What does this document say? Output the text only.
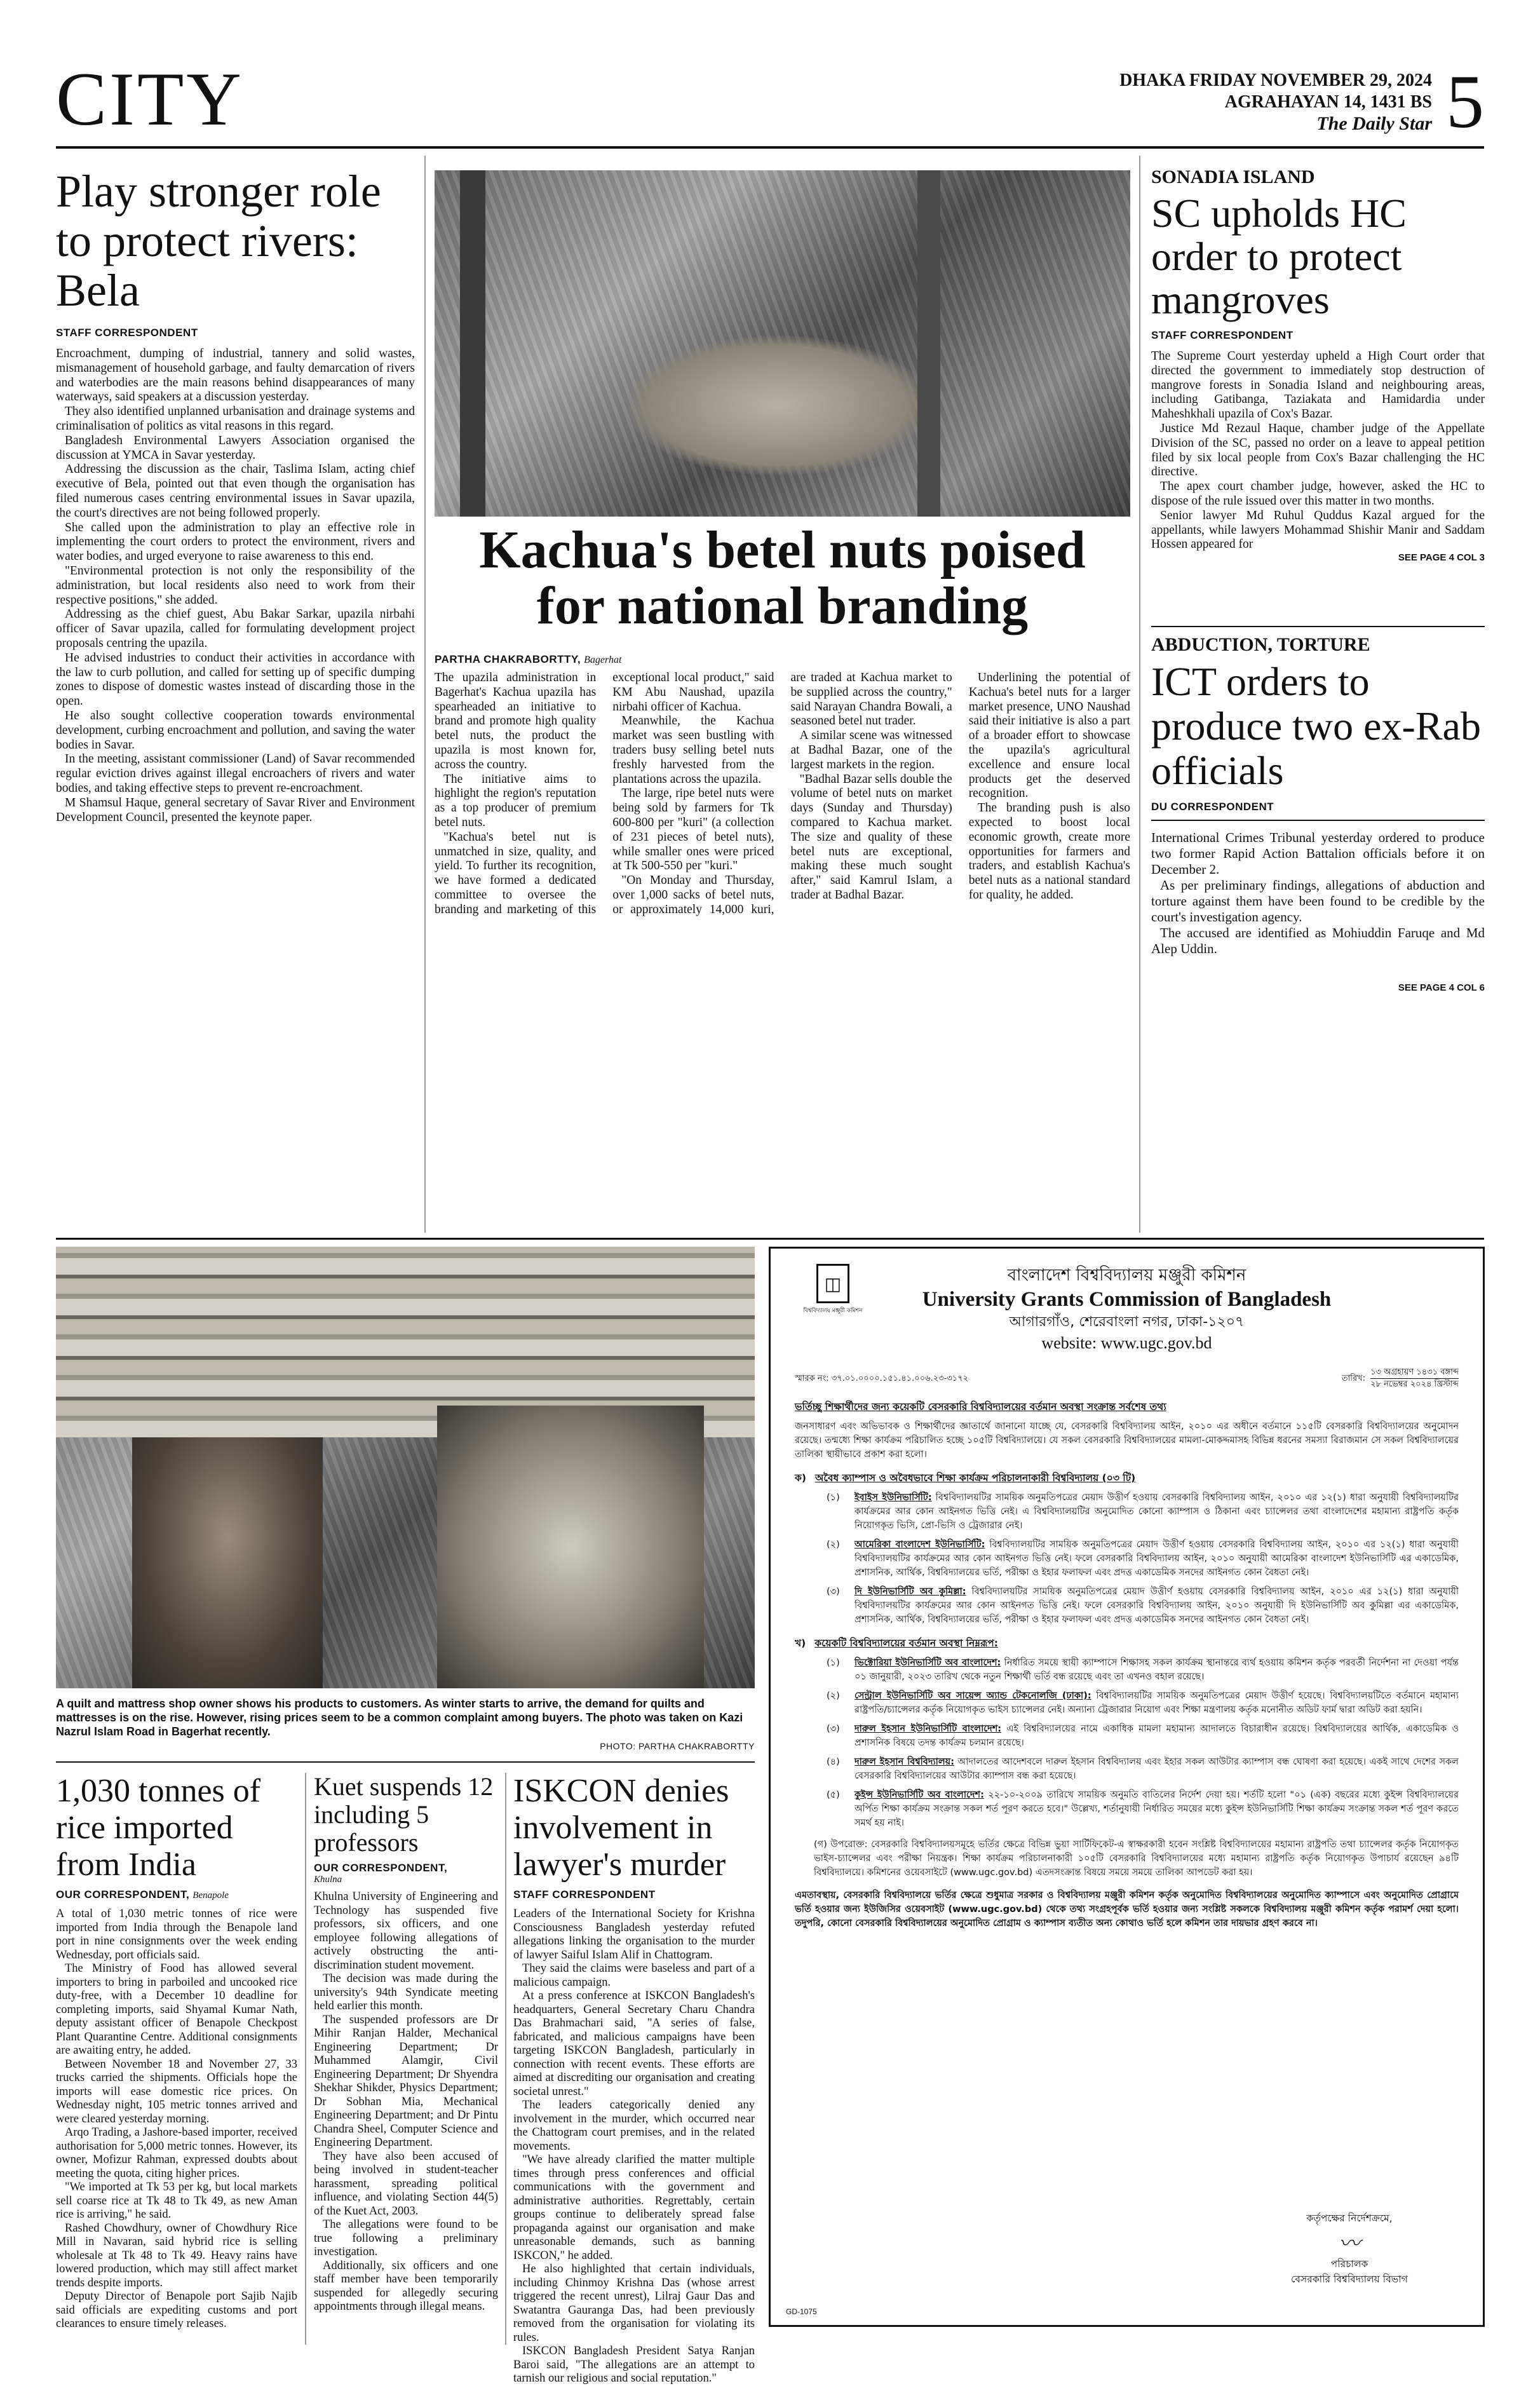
CITY	DHAKA FRIDAY NOVEMBER 29, 2024
AGRAHAYAN 14, 1431 BS
The Daily Star 5
Play stronger role to protect rivers: Bela
STAFF CORRESPONDENT

Encroachment, dumping of industrial, tannery and solid wastes, mismanagement of household garbage, and faulty demarcation of rivers and waterbodies are the main reasons behind disappearances of many waterways, said speakers at a discussion yesterday.

They also identified unplanned urbanisation and drainage systems and criminalisation of politics as vital reasons in this regard.

Bangladesh Environmental Lawyers Association organised the discussion at YMCA in Savar yesterday.

Addressing the discussion as the chair, Taslima Islam, acting chief executive of Bela, pointed out that even though the organisation has filed numerous cases centring environmental issues in Savar upazila, the court's directives are not being followed properly.

She called upon the administration to play an effective role in implementing the court orders to protect the environment, rivers and water bodies, and urged everyone to raise awareness to this end.

"Environmental protection is not only the responsibility of the administration, but local residents also need to work from their respective positions," she added.

Addressing as the chief guest, Abu Bakar Sarkar, upazila nirbahi officer of Savar upazila, called for formulating development project proposals centring the upazila.

He advised industries to conduct their activities in accordance with the law to curb pollution, and called for setting up of specific dumping zones to dispose of domestic wastes instead of discarding those in the open.

He also sought collective cooperation towards environmental development, curbing encroachment and pollution, and saving the water bodies in Savar.

In the meeting, assistant commissioner (Land) of Savar recommended regular eviction drives against illegal encroachers of rivers and water bodies, and taking effective steps to prevent re-encroachment.

M Shamsul Haque, general secretary of Savar River and Environment Development Council, presented the keynote paper.

Kachua's betel nuts poised for national branding
PARTHA CHAKRABORTTY, Bagerhat

The upazila administration in Bagerhat's Kachua upazila has spearheaded an initiative to brand and promote high quality betel nuts, the product the upazila is most known for, across the country.

The initiative aims to highlight the region's reputation as a top producer of premium betel nuts.

"Kachua's betel nut is unmatched in size, quality, and yield. To further its recognition, we have formed a dedicated committee to oversee the branding and marketing of this exceptional local product," said KM Abu Naushad, upazila nirbahi officer of Kachua.

Meanwhile, the Kachua market was seen bustling with traders busy selling betel nuts freshly harvested from the plantations across the upazila.

The large, ripe betel nuts were being sold by farmers for Tk 600-800 per "kuri" (a collection of 231 pieces of betel nuts), while smaller ones were priced at Tk 500-550 per "kuri."

"On Monday and Thursday, over 1,000 sacks of betel nuts, or approximately 14,000 kuri, are traded at Kachua market to be supplied across the country," said Narayan Chandra Bowali, a seasoned betel nut trader.

A similar scene was witnessed at Badhal Bazar, one of the largest markets in the region.

"Badhal Bazar sells double the volume of betel nuts on market days (Sunday and Thursday) compared to Kachua market. The size and quality of these betel nuts are exceptional, making these much sought after," said Kamrul Islam, a trader at Badhal Bazar.

Underlining the potential of Kachua's betel nuts for a larger market presence, UNO Naushad said their initiative is also a part of a broader effort to showcase the upazila's agricultural excellence and ensure local products get the deserved recognition.

The branding push is also expected to boost local economic growth, create more opportunities for farmers and traders, and establish Kachua's betel nuts as a national standard for quality, he added.

SONADIA ISLAND
SC upholds HC order to protect mangroves
STAFF CORRESPONDENT

The Supreme Court yesterday upheld a High Court order that directed the government to immediately stop destruction of mangrove forests in Sonadia Island and neighbouring areas, including Gatibanga, Taziakata and Hamidardia under Maheshkhali upazila of Cox's Bazar.

Justice Md Rezaul Haque, chamber judge of the Appellate Division of the SC, passed no order on a leave to appeal petition filed by six local people from Cox's Bazar challenging the HC directive.

The apex court chamber judge, however, asked the HC to dispose of the rule issued over this matter in two months.

Senior lawyer Md Ruhul Quddus Kazal argued for the appellants, while lawyers Mohammad Shishir Manir and Saddam Hossen appeared for

SEE PAGE 4 COL 3
ABDUCTION, TORTURE
ICT orders to produce two ex-Rab officials
DU CORRESPONDENT

International Crimes Tribunal yesterday ordered to produce two former Rapid Action Battalion officials before it on December 2.

As per preliminary findings, allegations of abduction and torture against them have been found to be credible by the court's investigation agency.

The accused are identified as Mohiuddin Faruqe and Md Alep Uddin.

SEE PAGE 4 COL 6
A quilt and mattress shop owner shows his products to customers. As winter starts to arrive, the demand for quilts and mattresses is on the rise. However, rising prices seem to be a common complaint among buyers. The photo was taken on Kazi Nazrul Islam Road in Bagerhat recently.
PHOTO: PARTHA CHAKRABORTTY
1,030 tonnes of rice imported from India
OUR CORRESPONDENT, Benapole

A total of 1,030 metric tonnes of rice were imported from India through the Benapole land port in nine consignments over the week ending Wednesday, port officials said.

The Ministry of Food has allowed several importers to bring in parboiled and uncooked rice duty-free, with a December 10 deadline for completing imports, said Shyamal Kumar Nath, deputy assistant officer of Benapole Checkpost Plant Quarantine Centre. Additional consignments are awaiting entry, he added.

Between November 18 and November 27, 33 trucks carried the shipments. Officials hope the imports will ease domestic rice prices. On Wednesday night, 105 metric tonnes arrived and were cleared yesterday morning.

Arqo Trading, a Jashore-based importer, received authorisation for 5,000 metric tonnes. However, its owner, Mofizur Rahman, expressed doubts about meeting the quota, citing higher prices.

"We imported at Tk 53 per kg, but local markets sell coarse rice at Tk 48 to Tk 49, as new Aman rice is arriving," he said.

Rashed Chowdhury, owner of Chowdhury Rice Mill in Navaran, said hybrid rice is selling wholesale at Tk 48 to Tk 49. Heavy rains have lowered production, which may still affect market trends despite imports.

Deputy Director of Benapole port Sajib Najib said officials are expediting customs and port clearances to ensure timely releases.

Kuet suspends 12 including 5 professors
OUR CORRESPONDENT,
Khulna

Khulna University of Engineering and Technology has suspended five professors, six officers, and one employee following allegations of actively obstructing the anti-discrimination student movement.

The decision was made during the university's 94th Syndicate meeting held earlier this month.

The suspended professors are Dr Mihir Ranjan Halder, Mechanical Engineering Department; Dr Muhammed Alamgir, Civil Engineering Department; Dr Shyendra Shekhar Shikder, Physics Department; Dr Sobhan Mia, Mechanical Engineering Department; and Dr Pintu Chandra Sheel, Computer Science and Engineering Department.

They have also been accused of being involved in student-teacher harassment, spreading political influence, and violating Section 44(5) of the Kuet Act, 2003.

The allegations were found to be true following a preliminary investigation.

Additionally, six officers and one staff member have been temporarily suspended for allegedly securing appointments through illegal means.

ISKCON denies involvement in lawyer's murder
STAFF CORRESPONDENT

Leaders of the International Society for Krishna Consciousness Bangladesh yesterday refuted allegations linking the organisation to the murder of lawyer Saiful Islam Alif in Chattogram.

They said the claims were baseless and part of a malicious campaign.

At a press conference at ISKCON Bangladesh's headquarters, General Secretary Charu Chandra Das Brahmachari said, "A series of false, fabricated, and malicious campaigns have been targeting ISKCON Bangladesh, particularly in connection with recent events. These efforts are aimed at discrediting our organisation and creating societal unrest."

The leaders categorically denied any involvement in the murder, which occurred near the Chattogram court premises, and in the related movements.

"We have already clarified the matter multiple times through press conferences and official communications with the government and administrative authorities. Regrettably, certain groups continue to deliberately spread false propaganda against our organisation and make unreasonable demands, such as banning ISKCON," he added.

He also highlighted that certain individuals, including Chinmoy Krishna Das (whose arrest triggered the recent unrest), Lilraj Gaur Das and Swatantra Gauranga Das, had been previously removed from the organisation for violating its rules.

ISKCON Bangladesh President Satya Ranjan Baroi said, "The allegations are an attempt to tarnish our religious and social reputation."

◫
বিশ্ববিদ্যালয় মঞ্জুরী কমিশন
বাংলাদেশ বিশ্ববিদ্যালয় মঞ্জুরী কমিশন
University Grants Commission of Bangladesh
আগারগাঁও, শেরেবাংলা নগর, ঢাকা-১২০৭
website: www.ugc.gov.bd
স্মারক নং: ৩৭.০১.০০০০.১৫১.৪১.০০৬.২৩-৩১৭২	তারিখ:
১৩ অগ্রহায়ণ ১৪৩১ বঙ্গাব্দ
২৮ নভেম্বর ২০২৪ খ্রিস্টাব্দ
ভর্তিচ্ছু শিক্ষার্থীদের জন্য কয়েকটি বেসরকারি বিশ্ববিদ্যালয়ের বর্তমান অবস্থা সংক্রান্ত সর্বশেষ তথ্য
জনসাধারণ এবং অভিভাবক ও শিক্ষার্থীদের জ্ঞাতার্থে জানানো যাচ্ছে যে, বেসরকারি বিশ্ববিদ্যালয় আইন, ২০১০ এর অধীনে বর্তমানে ১১৫টি বেসরকারি বিশ্ববিদ্যালয়ের অনুমোদন রয়েছে। তন্মধ্যে শিক্ষা কার্যক্রম পরিচালিত হচ্ছে ১০৫টি বিশ্ববিদ্যালয়ে। যে সকল বেসরকারি বিশ্ববিদ্যালয়ের মামলা-মোকদ্দমাসহ বিভিন্ন ধরনের সমস্যা বিরাজমান সে সকল বিশ্ববিদ্যালয়ের তালিকা স্থায়ীভাবে প্রকাশ করা হলো।
ক) অবৈধ ক্যাম্পাস ও অবৈধভাবে শিক্ষা কার্যক্রম পরিচালনাকারী বিশ্ববিদ্যালয় (০৩ টি)
(১)	ইবাইস ইউনিভার্সিটি: বিশ্ববিদ্যালয়টির সাময়িক অনুমতিপত্রের মেয়াদ উত্তীর্ণ হওয়ায় বেসরকারি বিশ্ববিদ্যালয় আইন, ২০১০ এর ১২(১) ধারা অনুযায়ী বিশ্ববিদ্যালয়টির কার্যক্রমের আর কোন আইনগত ভিত্তি নেই। এ বিশ্ববিদ্যালয়টির অনুমোদিত কোনো ক্যাম্পাস ও ঠিকানা এবং চ্যান্সেলর তথা বাংলাদেশের মহামান্য রাষ্ট্রপতি কর্তৃক নিয়োগকৃত ভিসি, প্রো-ভিসি ও ট্রেজারার নেই।
(২)	আমেরিকা বাংলাদেশ ইউনিভার্সিটি: বিশ্ববিদ্যালয়টির সাময়িক অনুমতিপত্রের মেয়াদ উত্তীর্ণ হওয়ায় বেসরকারি বিশ্ববিদ্যালয় আইন, ২০১০ এর ১২(১) ধারা অনুযায়ী বিশ্ববিদ্যালয়টির কার্যক্রমের আর কোন আইনগত ভিত্তি নেই। ফলে বেসরকারি বিশ্ববিদ্যালয় আইন, ২০১০ অনুযায়ী আমেরিকা বাংলাদেশ ইউনিভার্সিটি এর একাডেমিক, প্রশাসনিক, আর্থিক, বিশ্ববিদ্যালয়ের ভর্তি, পরীক্ষা ও ইহার ফলাফল এবং প্রদত্ত একাডেমিক সনদের আইনগত কোন বৈধতা নেই।
(৩)	দি ইউনিভার্সিটি অব কুমিল্লা: বিশ্ববিদ্যালয়টির সাময়িক অনুমতিপত্রের মেয়াদ উত্তীর্ণ হওয়ায় বেসরকারি বিশ্ববিদ্যালয় আইন, ২০১০ এর ১২(১) ধারা অনুযায়ী বিশ্ববিদ্যালয়টির কার্যক্রমের আর কোন আইনগত ভিত্তি নেই। ফলে বেসরকারি বিশ্ববিদ্যালয় আইন, ২০১০ অনুযায়ী দি ইউনিভার্সিটি অব কুমিল্লা এর একাডেমিক, প্রশাসনিক, আর্থিক, বিশ্ববিদ্যালয়ের ভর্তি, পরীক্ষা ও ইহার ফলাফল এবং প্রদত্ত একাডেমিক সনদের আইনগত কোন বৈধতা নেই।
খ) কয়েকটি বিশ্ববিদ্যালয়ের বর্তমান অবস্থা নিম্নরূপ:
(১)	ভিক্টোরিয়া ইউনিভার্সিটি অব বাংলাদেশ: নির্ধারিত সময়ে স্থায়ী ক্যাম্পাসে শিক্ষাসহ সকল কার্যক্রম স্থানান্তরে ব্যর্থ হওয়ায় কমিশন কর্তৃক পরবর্তী নির্দেশনা না দেওয়া পর্যন্ত ০১ জানুয়ারী, ২০২৩ তারিখ থেকে নতুন শিক্ষার্থী ভর্তি বন্ধ রয়েছে এবং তা এখনও বহাল রয়েছে।
(২)	সেন্ট্রাল ইউনিভার্সিটি অব সায়েন্স অ্যান্ড টেকনোলজি (ঢাকা): বিশ্ববিদ্যালয়টির সাময়িক অনুমতিপত্রের মেয়াদ উত্তীর্ণ হয়েছে। বিশ্ববিদ্যালয়টিতে বর্তমানে মহামান্য রাষ্ট্রপতি/চ্যান্সেলর কর্তৃক নিয়োগকৃত ভাইস চ্যান্সেলর নেই। অন্যান্য ট্রেজারার নিয়োগ এবং শিক্ষা মন্ত্রণালয় কর্তৃক মনোনীত অডিট ফার্ম দ্বারা অডিট করা হয়নি।
(৩)	দারুল ইহসান ইউনিভার্সিটি বাংলাদেশ: এই বিশ্ববিদ্যালয়ের নামে একাধিক মামলা মহামান্য আদালতে বিচারাধীন রয়েছে। বিশ্ববিদ্যালয়ের আর্থিক, একাডেমিক ও প্রশাসনিক বিষয়ে তদন্ত কার্যক্রম চলমান রয়েছে।
(৪)	দারুল ইহসান বিশ্ববিদ্যালয়: আদালতের আদেশবলে দারুল ইহসান বিশ্ববিদ্যালয় এবং ইহার সকল আউটার ক্যাম্পাস বন্ধ ঘোষণা করা হয়েছে। একই সাথে দেশের সকল বেসরকারি বিশ্ববিদ্যালয়ের আউটার ক্যাম্পাস বন্ধ করা হয়েছে।
(৫)	কুইন্স ইউনিভার্সিটি অব বাংলাদেশ: ২২-১০-২০০৯ তারিখে সাময়িক অনুমতি বাতিলের নির্দেশ দেয়া হয়। শর্তটি হলো "০১ (এক) বছরের মধ্যে কুইন্স বিশ্ববিদ্যালয়ের অর্পিত শিক্ষা কার্যক্রম সংক্রান্ত সকল শর্ত পূরণ করতে হবে।" উল্লেখ্য, শর্তানুযায়ী নির্ধারিত সময়ের মধ্যে কুইন্স ইউনিভার্সিটি শিক্ষা কার্যক্রম সংক্রান্ত সকল শর্ত পূরণ করতে সমর্থ হয় নাই।
(গ) উপরোক্ত: বেসরকারি বিশ্ববিদ্যালয়সমূহে ভর্তির ক্ষেত্রে বিভিন্ন ভুয়া সার্টিফিকেট-এ স্বাক্ষরকারী হবেন সংশ্লিষ্ট বিশ্ববিদ্যালয়ের মহামান্য রাষ্ট্রপতি তথা চ্যান্সেলর কর্তৃক নিয়োগকৃত ভাইস-চ্যান্সেলর এবং পরীক্ষা নিয়ন্ত্রক। শিক্ষা কার্যক্রম পরিচালনাকারী ১০৫টি বেসরকারি বিশ্ববিদ্যালয়ের মধ্যে মহামান্য রাষ্ট্রপতি কর্তৃক নিয়োগকৃত উপাচার্য রয়েছেন ৯৪টি বিশ্ববিদ্যালয়ে। কমিশনের ওয়েবসাইটে (www.ugc.gov.bd) এতদসংক্রান্ত বিষয়ে সময়ে সময়ে তালিকা আপডেট করা হয়।
এমতাবস্থায়, বেসরকারি বিশ্ববিদ্যালয়ে ভর্তির ক্ষেত্রে শুধুমাত্র সরকার ও বিশ্ববিদ্যালয় মঞ্জুরী কমিশন কর্তৃক অনুমোদিত বিশ্ববিদ্যালয়ের অনুমোদিত ক্যাম্পাসে এবং অনুমোদিত প্রোগ্রামে ভর্তি হওয়ার জন্য ইউজিসির ওয়েবসাইট (www.ugc.gov.bd) থেকে তথ্য সংগ্রহপূর্বক ভর্তি হওয়ার জন্য সংশ্লিষ্ট সকলকে বিশ্ববিদ্যালয় মঞ্জুরী কমিশন কর্তৃক পরামর্শ দেয়া হলো। তদুপরি, কোনো বেসরকারি বিশ্ববিদ্যালয়ের অনুমোদিত প্রোগ্রাম ও ক্যাম্পাস ব্যতীত অন্য কোথাও ভর্তি হলে কমিশন তার দায়ভার গ্রহণ করবে না।
কর্তৃপক্ষের নির্দেশক্রমে,
〰
পরিচালক
বেসরকারি বিশ্ববিদ্যালয় বিভাগ
GD-1075
